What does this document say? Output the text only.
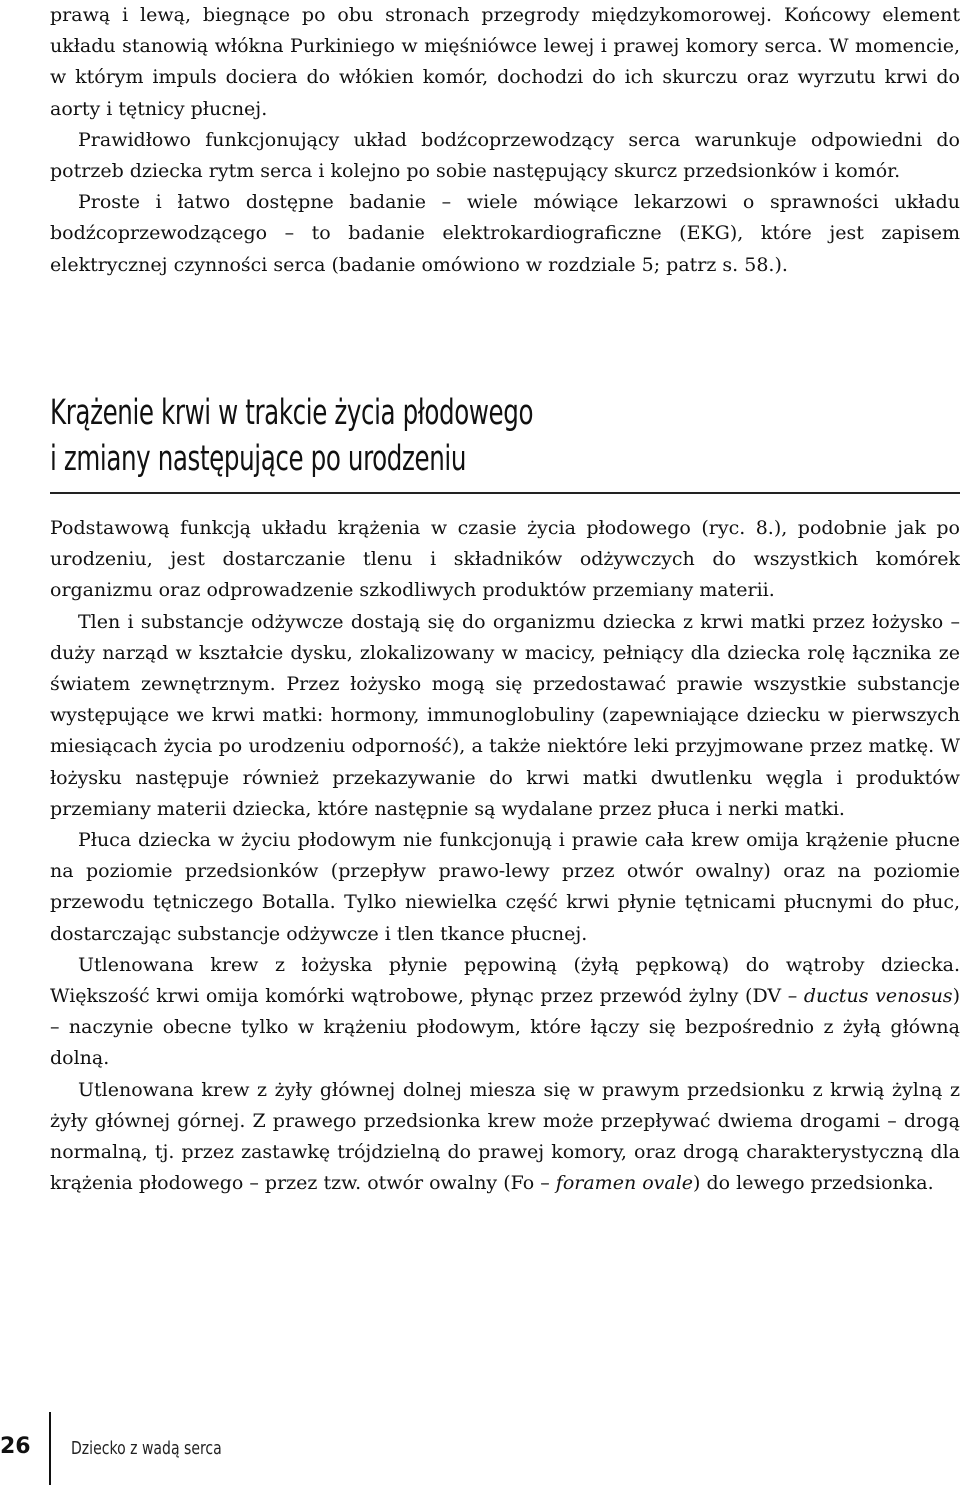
prawą i lewą, biegnące po obu stronach przegrody międzykomorowej. Końcowy element układu stanowią włókna Purkiniego w mięśniówce lewej i prawej komory serca. W momencie, w którym impuls dociera do włókien komór, dochodzi do ich skurczu oraz wyrzutu krwi do aorty i tętnicy płucnej.

Prawidłowo funkcjonujący układ bodźcoprzewodzący serca warunkuje odpowiedni do potrzeb dziecka rytm serca i kolejno po sobie następujący skurcz przedsionków i komór.

Proste i łatwo dostępne badanie – wiele mówiące lekarzowi o sprawności układu bodźcoprzewodzącego – to badanie elektrokardiograficzne (EKG), które jest zapisem elektrycznej czynności serca (badanie omówiono w rozdziale 5; patrz s. 58.).

Krążenie krwi w trakcie życia płodowego
i zmiany następujące po urodzeniu

Podstawową funkcją układu krążenia w czasie życia płodowego (ryc. 8.), podobnie jak po urodzeniu, jest dostarczanie tlenu i składników odżywczych do wszystkich komórek organizmu oraz odprowadzenie szkodliwych produktów przemiany materii.

Tlen i substancje odżywcze dostają się do organizmu dziecka z krwi matki przez łożysko – duży narząd w kształcie dysku, zlokalizowany w macicy, pełniący dla dziecka rolę łącznika ze światem zewnętrznym. Przez łożysko mogą się przedostawać prawie wszystkie substancje występujące we krwi matki: hormony, immunoglobuliny (zapewniające dziecku w pierwszych miesiącach życia po urodzeniu odporność), a także niektóre leki przyjmowane przez matkę. W łożysku następuje również przekazywanie do krwi matki dwutlenku węgla i produktów przemiany materii dziecka, które następnie są wydalane przez płuca i nerki matki.

Płuca dziecka w życiu płodowym nie funkcjonują i prawie cała krew omija krążenie płucne na poziomie przedsionków (przepływ prawo-lewy przez otwór owalny) oraz na poziomie przewodu tętniczego Botalla. Tylko niewielka część krwi płynie tętnicami płucnymi do płuc, dostarczając substancje odżywcze i tlen tkance płucnej.

Utlenowana krew z łożyska płynie pępowiną (żyłą pępkową) do wątroby dziecka. Większość krwi omija komórki wątrobowe, płynąc przez przewód żylny (DV – ductus venosus) – naczynie obecne tylko w krążeniu płodowym, które łączy się bezpośrednio z żyłą główną dolną.

Utlenowana krew z żyły głównej dolnej miesza się w prawym przedsionku z krwią żylną z żyły głównej górnej. Z prawego przedsionka krew może przepływać dwiema drogami – drogą normalną, tj. przez zastawkę trójdzielną do prawej komory, oraz drogą charakterystyczną dla krążenia płodowego – przez tzw. otwór owalny (Fo – foramen ovale) do lewego przedsionka.

26 Dziecko z wadą serca
